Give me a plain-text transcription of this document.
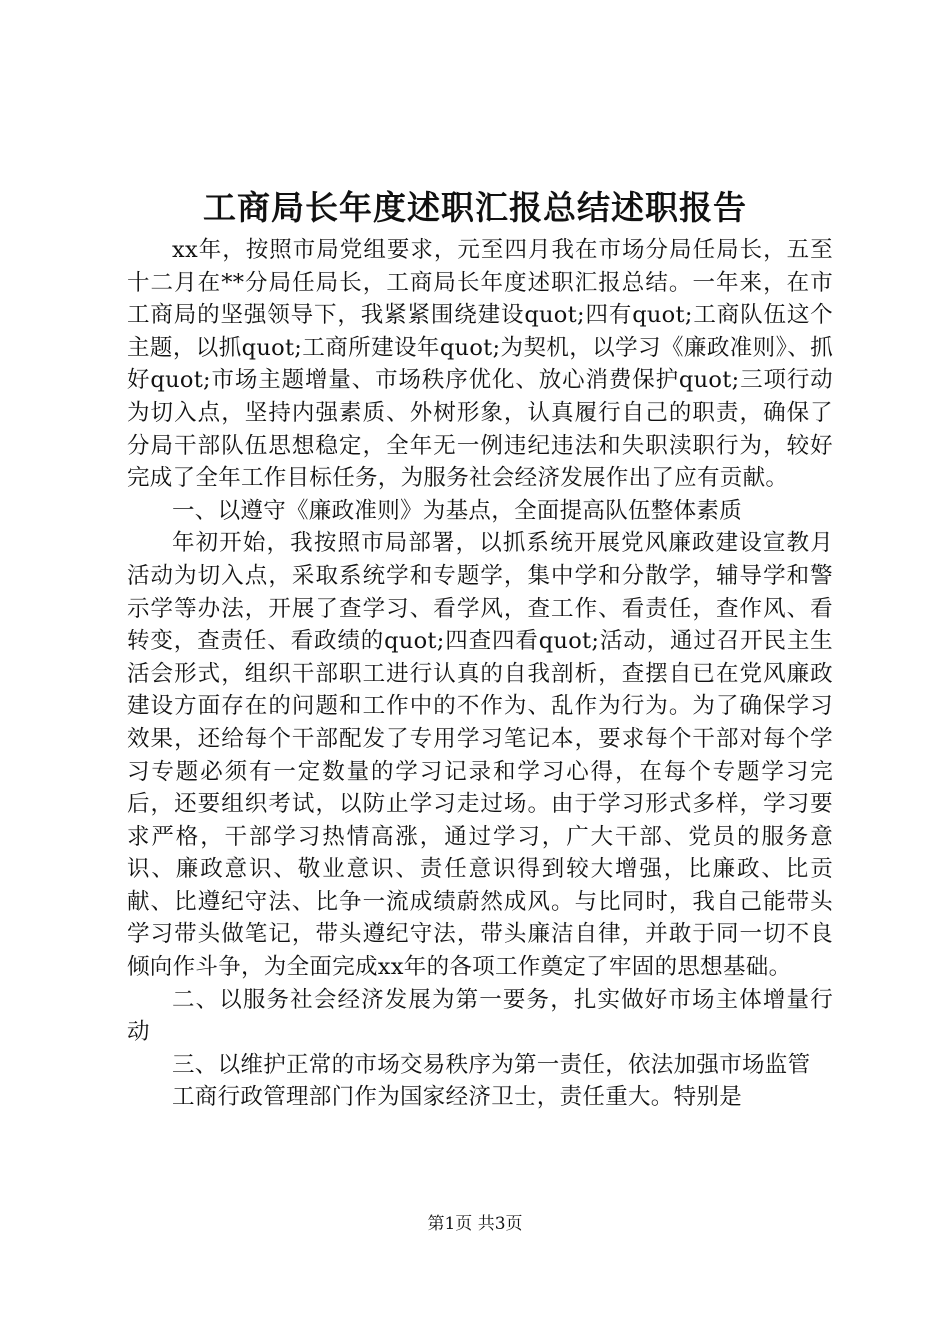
工商局长年度述职汇报总结述职报告

xx年，按照市局党组要求，元至四月我在市场分局任局长，五至十二月在**分局任局长，工商局长年度述职汇报总结。一年来，在市工商局的坚强领导下，我紧紧围绕建设quot;四有quot;工商队伍这个主题，以抓quot;工商所建设年quot;为契机，以学习《廉政准则》、抓好quot;市场主题增量、市场秩序优化、放心消费保护quot;三项行动为切入点，坚持内强素质、外树形象，认真履行自己的职责，确保了分局干部队伍思想稳定，全年无一例违纪违法和失职渎职行为，较好完成了全年工作目标任务，为服务社会经济发展作出了应有贡献。

一、以遵守《廉政准则》为基点，全面提高队伍整体素质

年初开始，我按照市局部署，以抓系统开展党风廉政建设宣教月活动为切入点，采取系统学和专题学，集中学和分散学，辅导学和警示学等办法，开展了查学习、看学风，查工作、看责任，查作风、看转变，查责任、看政绩的quot;四查四看quot;活动，通过召开民主生活会形式，组织干部职工进行认真的自我剖析，查摆自已在党风廉政建设方面存在的问题和工作中的不作为、乱作为行为。为了确保学习效果，还给每个干部配发了专用学习笔记本，要求每个干部对每个学习专题必须有一定数量的学习记录和学习心得，在每个专题学习完后，还要组织考试，以防止学习走过场。由于学习形式多样，学习要求严格，干部学习热情高涨，通过学习，广大干部、党员的服务意识、廉政意识、敬业意识、责任意识得到较大增强，比廉政、比贡献、比遵纪守法、比争一流成绩蔚然成风。与比同时，我自己能带头学习带头做笔记，带头遵纪守法，带头廉洁自律，并敢于同一切不良倾向作斗争，为全面完成xx年的各项工作奠定了牢固的思想基础。

二、以服务社会经济发展为第一要务，扎实做好市场主体增量行动

三、以维护正常的市场交易秩序为第一责任，依法加强市场监管

工商行政管理部门作为国家经济卫士，责任重大。特别是

第1页 共3页
